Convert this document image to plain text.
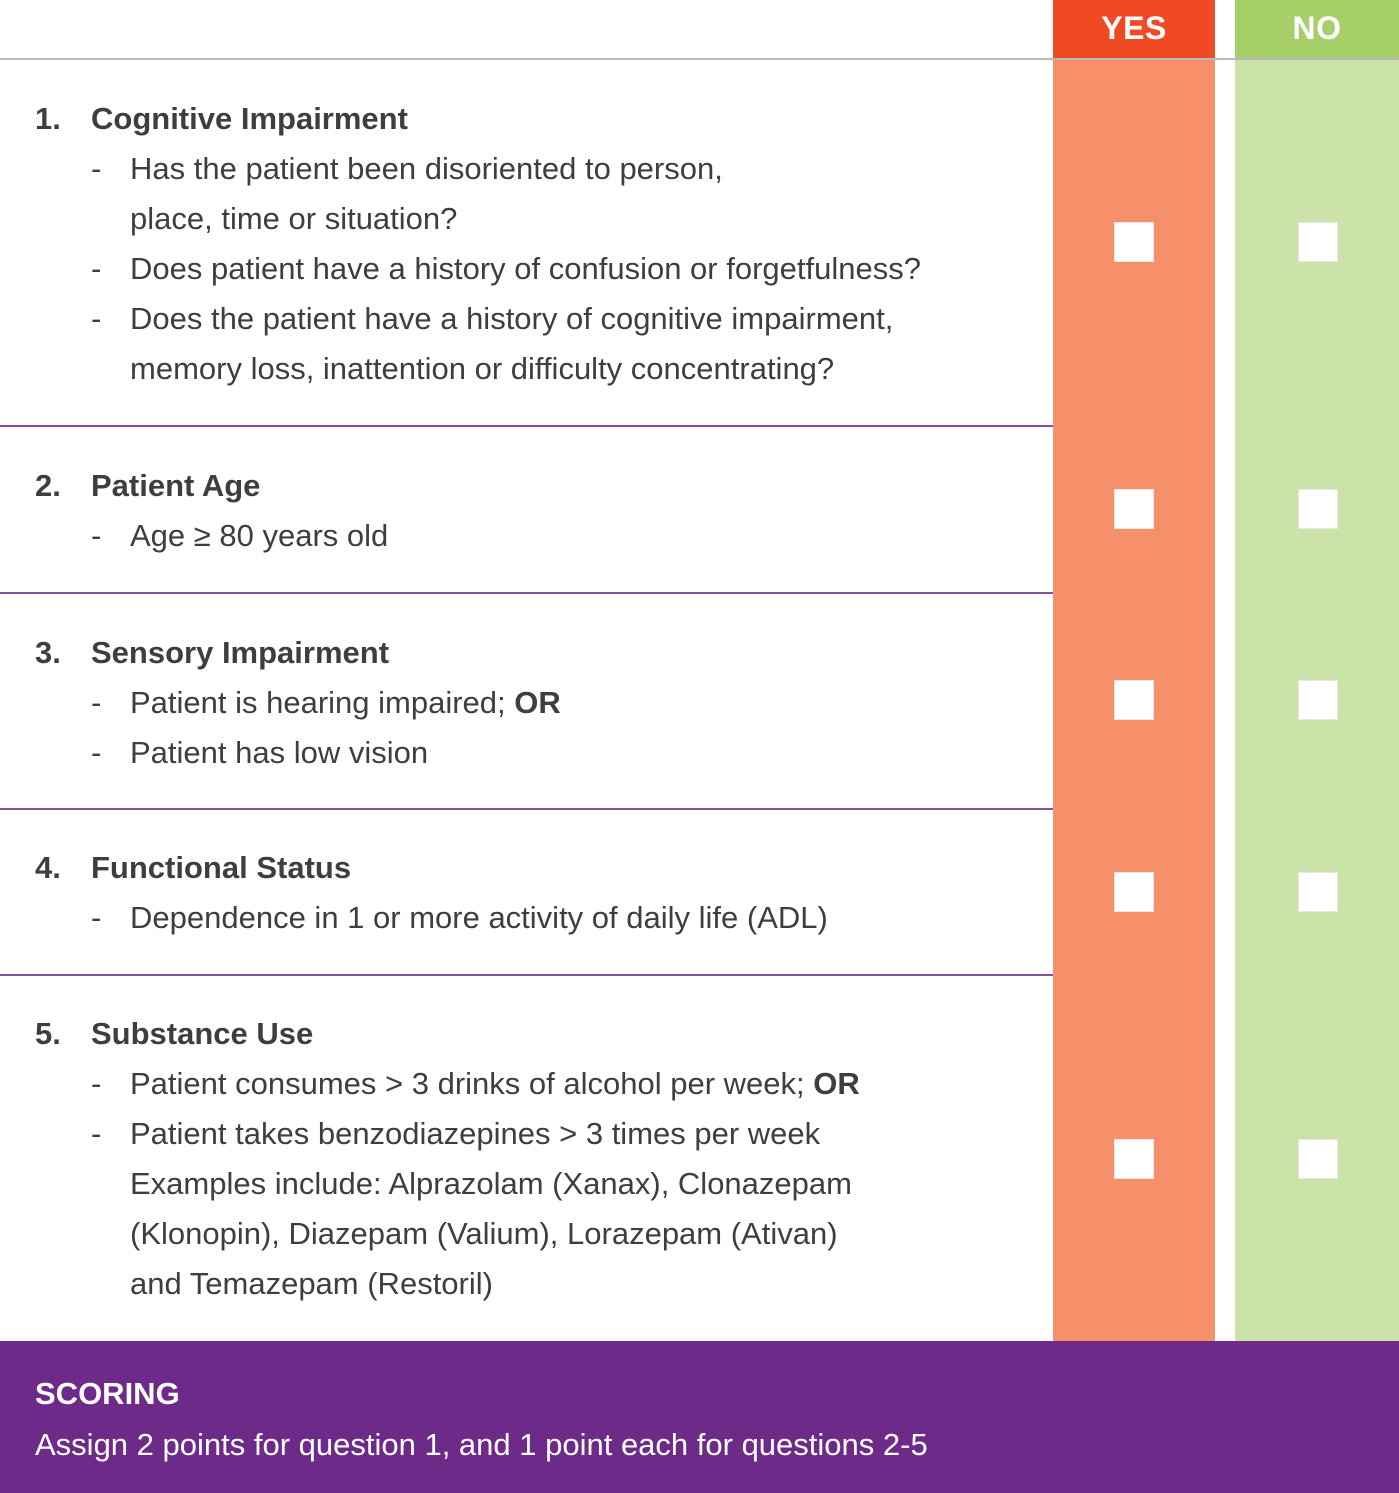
YES	NO
1. Cognitive Impairment
- Has the patient been disoriented to person,
place, time or situation?
- Does patient have a history of confusion or forgetfulness?
- Does the patient have a history of cognitive impairment,
memory loss, inattention or difficulty concentrating?
2. Patient Age
- Age ≥ 80 years old
3. Sensory Impairment
- Patient is hearing impaired; OR
- Patient has low vision
4. Functional Status
- Dependence in 1 or more activity of daily life (ADL)
5. Substance Use
- Patient consumes > 3 drinks of alcohol per week; OR
- Patient takes benzodiazepines > 3 times per week
Examples include: Alprazolam (Xanax), Clonazepam
(Klonopin), Diazepam (Valium), Lorazepam (Ativan)
and Temazepam (Restoril)
SCORING
Assign 2 points for question 1, and 1 point each for questions 2-5
